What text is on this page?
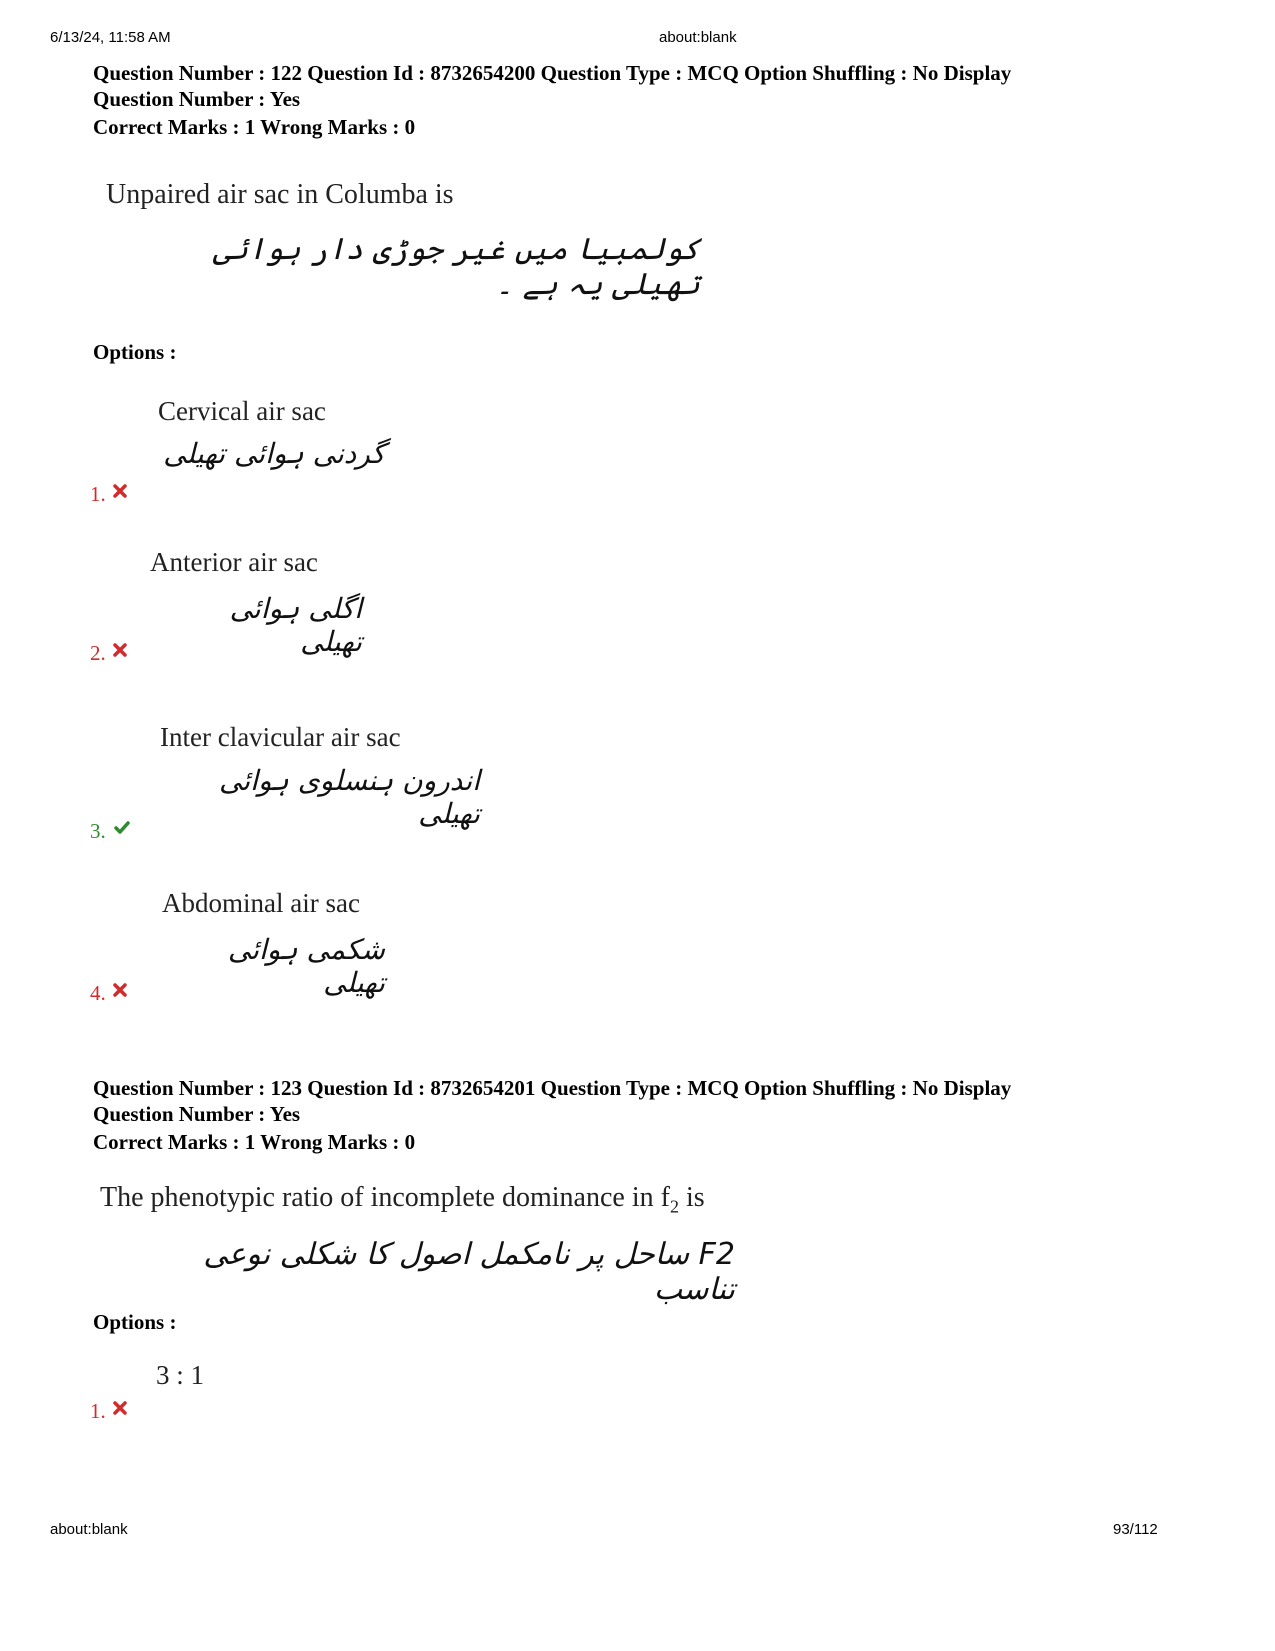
6/13/24, 11:58 AM	about:blank
Question Number : 122 Question Id : 8732654200 Question Type : MCQ Option Shuffling : No Display
Question Number : Yes
Correct Marks : 1 Wrong Marks : 0
Unpaired air sac in Columba is
کولمبیا میں غیر جوڑی دار ہوائی تھیلی یہ ہے ۔
Options :
Cervical air sac
گردنی ہوائی تھیلی
1.
Anterior air sac
اگلی ہوائی تھیلی
2.
Inter clavicular air sac
اندرون ہنسلوی ہوائی تھیلی
3.
Abdominal air sac
شکمی ہوائی تھیلی
4.
Question Number : 123 Question Id : 8732654201 Question Type : MCQ Option Shuffling : No Display
Question Number : Yes
Correct Marks : 1 Wrong Marks : 0
The phenotypic ratio of incomplete dominance in $f_2$ is
F2 ساحل پر نامکمل اصول کا شکلی نوعی تناسب
Options :
3 : 1
1.
about:blank	93/112
